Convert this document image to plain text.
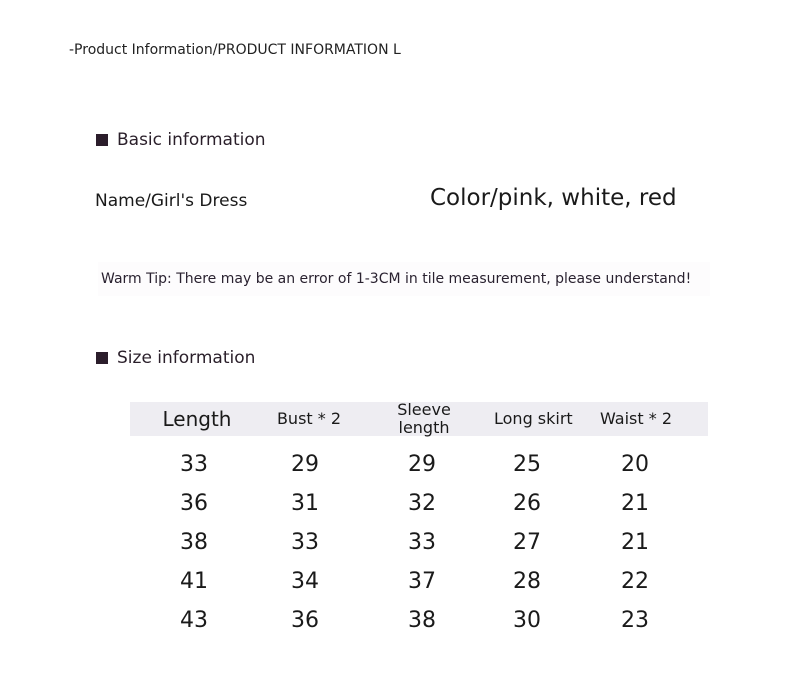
-Product Information/PRODUCT INFORMATION L
Basic information
Name/Girl's Dress	Color/pink, white, red
Warm Tip: There may be an error of 1-3CM in tile measurement, please understand!
Size information
Length	Bust * 2	Sleeve length	Long skirt	Waist * 2
33	29	29	25	20
36	31	32	26	21
38	33	33	27	21
41	34	37	28	22
43	36	38	30	23
